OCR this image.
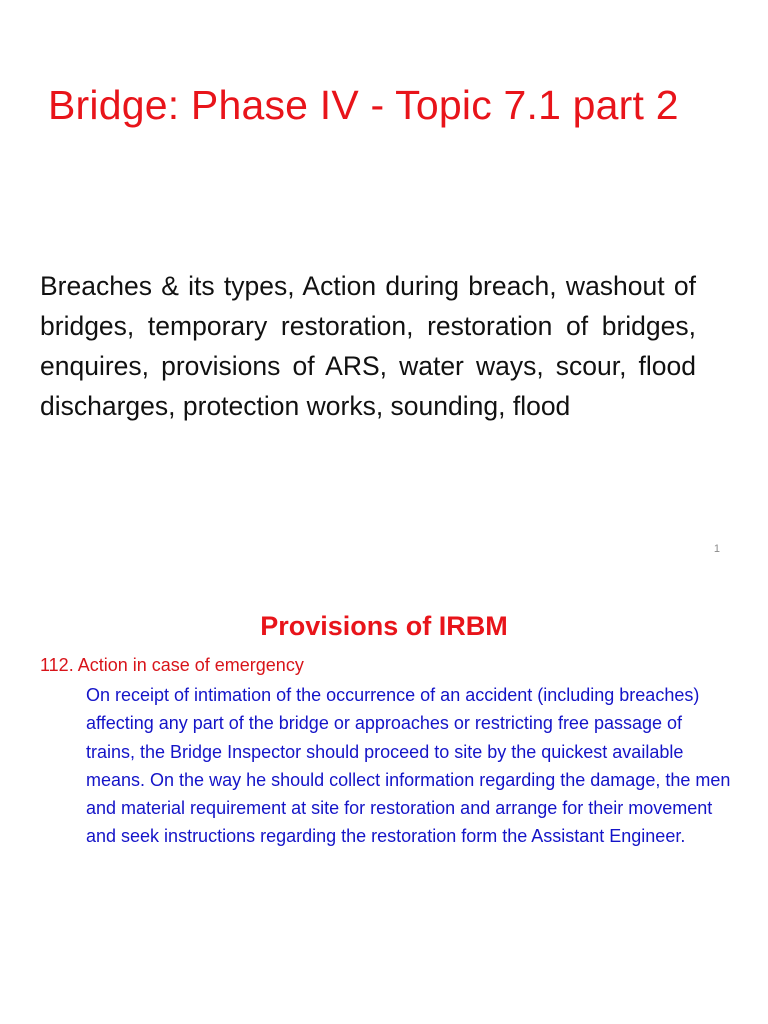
Bridge: Phase IV - Topic 7.1 part 2
Breaches & its types, Action during breach, washout of bridges, temporary restoration, restoration of bridges, enquires, provisions of ARS, water ways, scour, flood discharges, protection works, sounding, flood
1
Provisions of IRBM
112. Action in case of emergency
On receipt of intimation of the occurrence of an accident (including breaches) affecting any part of the bridge or approaches or restricting free passage of trains, the Bridge Inspector should proceed to site by the quickest available means. On the way he should collect information regarding the damage, the men and material requirement at site for restoration and arrange for their movement and seek instructions regarding the restoration form the Assistant Engineer.
